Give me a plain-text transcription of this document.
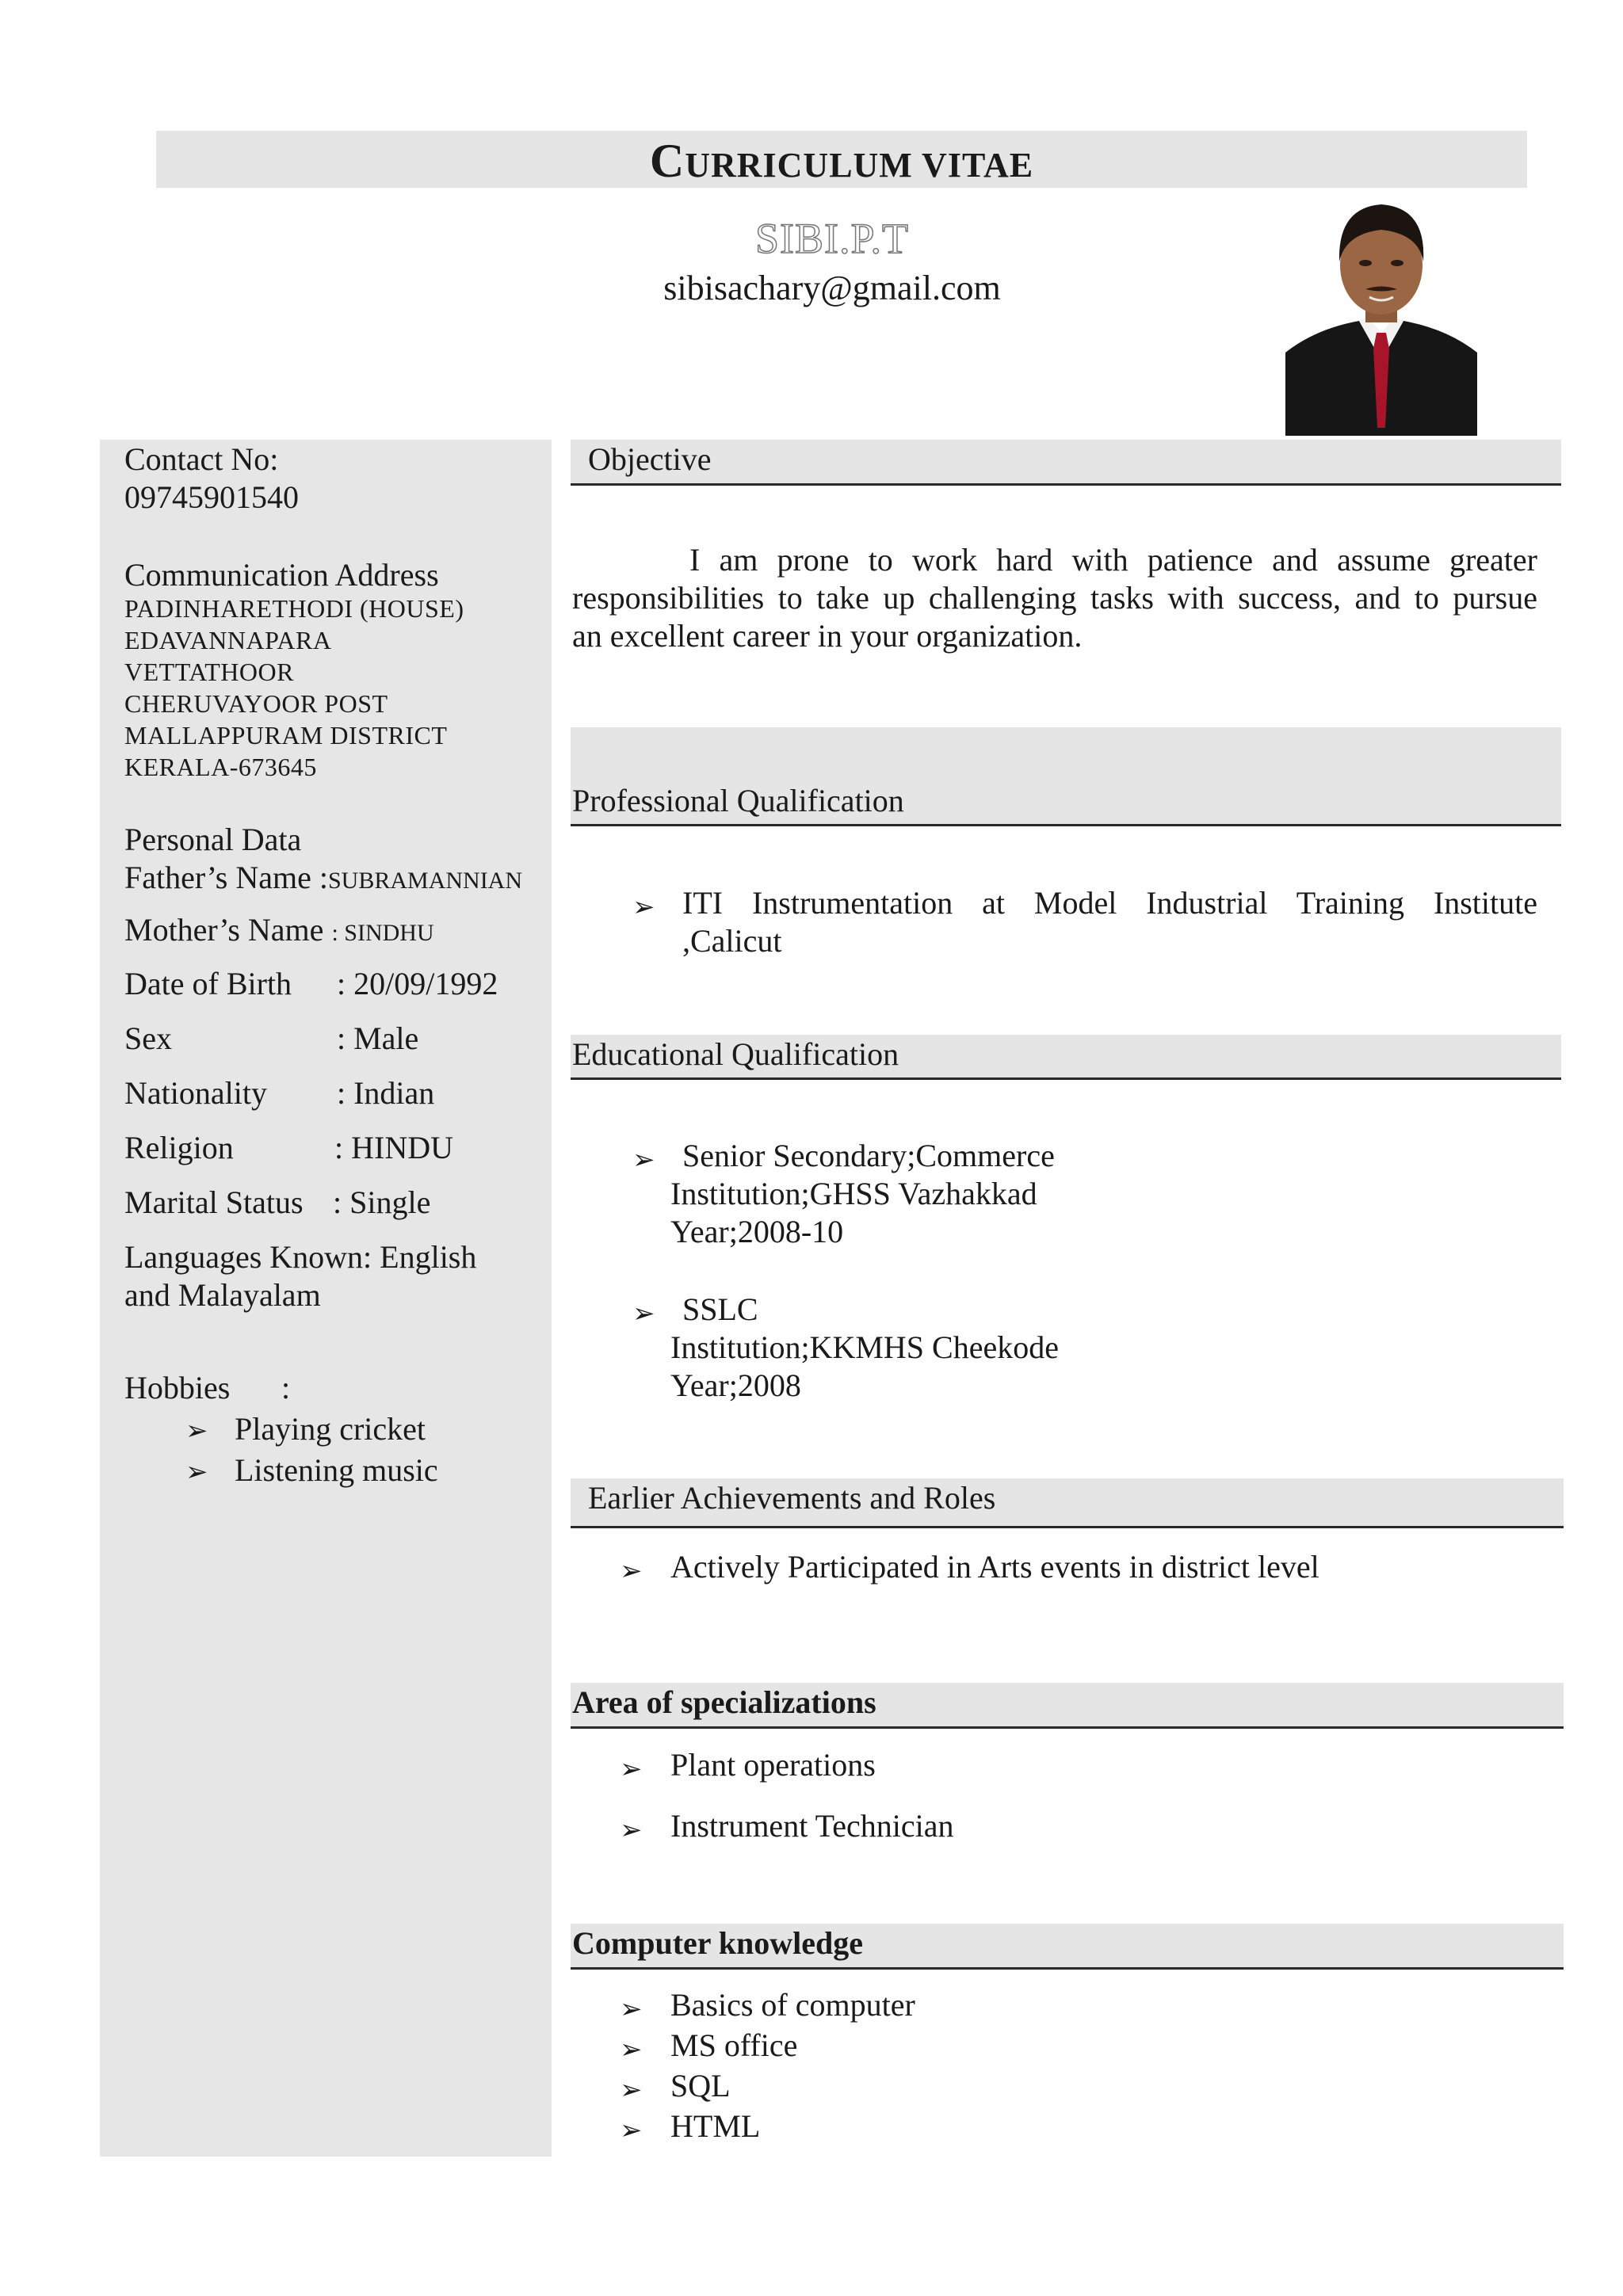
CURRICULUM VITAE
SIBI.P.T
sibisachary@gmail.com
Contact No:
09745901540
Communication Address
PADINHARETHODI (HOUSE)
EDAVANNAPARA
VETTATHOOR
CHERUVAYOOR POST
MALLAPPURAM DISTRICT
KERALA-673645
Personal Data
Father’s Name :SUBRAMANNIAN
Mother’s Name : SINDHU
Date of Birth : 20/09/1992
Sex	: Male
Nationality : Indian
Religion	: HINDU
Marital Status : Single
Languages Known: English
and Malayalam
Hobbies :
➢ Playing cricket
➢ Listening music
Objective
I am prone to work hard with patience and assume greater
responsibilities to take up challenging tasks with success, and to pursue
an excellent career in your organization.
Professional Qualification
➢ ITI Instrumentation at Model Industrial Training Institute
,Calicut
Educational Qualification
➢ Senior Secondary;Commerce
Institution;GHSS Vazhakkad
Year;2008-10
➢ SSLC
Institution;KKMHS Cheekode
Year;2008
Earlier Achievements and Roles
➢ Actively Participated in Arts events in district level
Area of specializations
➢ Plant operations
➢ Instrument Technician
Computer knowledge
➢ Basics of computer
➢ MS office
➢ SQL
➢ HTML
